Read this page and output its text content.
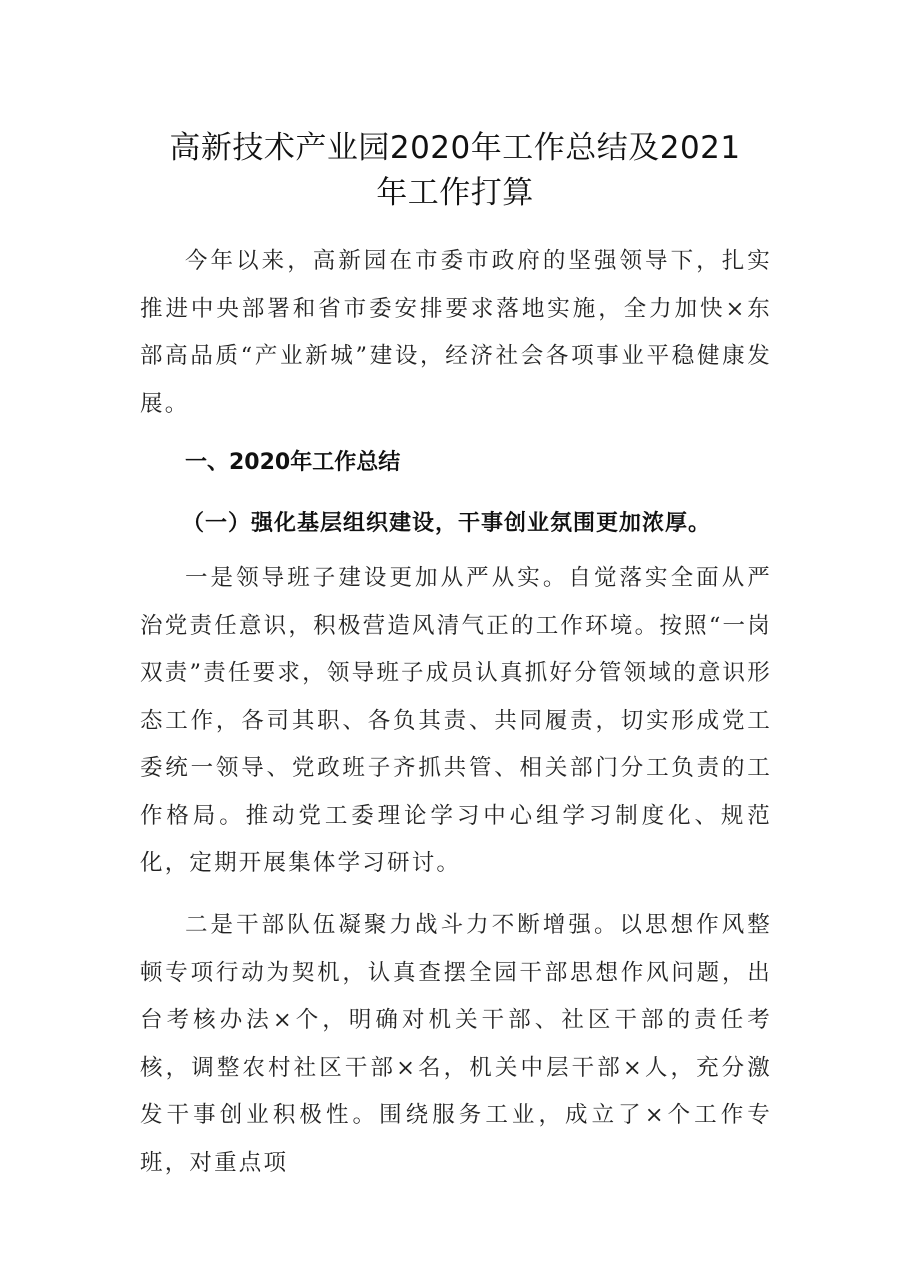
高新技术产业园2020年工作总结及2021
年工作打算

今年以来，高新园在市委市政府的坚强领导下，扎实推进中央部署和省市委安排要求落地实施，全力加快×东部高品质“产业新城”建设，经济社会各项事业平稳健康发展。

一、2020年工作总结
（一）强化基层组织建设，干事创业氛围更加浓厚。

一是领导班子建设更加从严从实。自觉落实全面从严治党责任意识，积极营造风清气正的工作环境。按照“一岗双责”责任要求，领导班子成员认真抓好分管领域的意识形态工作，各司其职、各负其责、共同履责，切实形成党工委统一领导、党政班子齐抓共管、相关部门分工负责的工作格局。推动党工委理论学习中心组学习制度化、规范化，定期开展集体学习研讨。

二是干部队伍凝聚力战斗力不断增强。以思想作风整顿专项行动为契机，认真查摆全园干部思想作风问题，出台考核办法×个，明确对机关干部、社区干部的责任考核，调整农村社区干部×名，机关中层干部×人，充分激发干事创业积极性。围绕服务工业，成立了×个工作专班，对重点项
